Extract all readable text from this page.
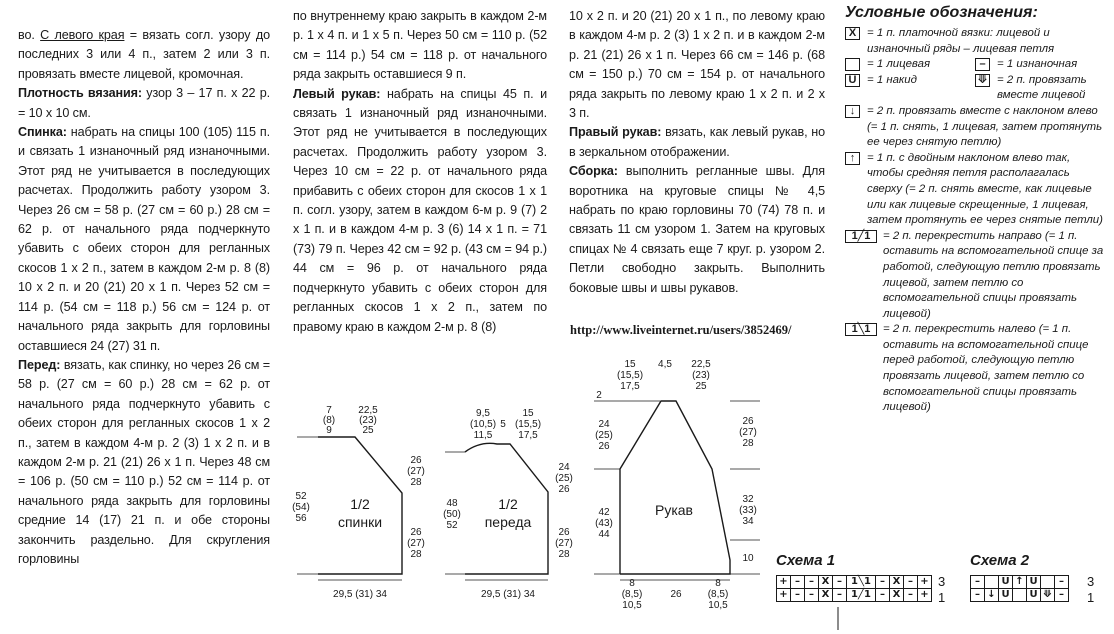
во. С левого края = вязать согл. узору до последних 3 или 4 п., затем 2 или 3 п. провязать вместе лицевой, кромочная.

Плотность вязания: узор 3 – 17 п. х 22 р. = 10 х 10 см.

Спинка: набрать на спицы 100 (105) 115 п. и связать 1 изнаночный ряд изнаночными. Этот ряд не учитывается в последующих расчетах. Продолжить работу узором 3. Через 26 см = 58 р. (27 см = 60 р.) 28 см = 62 р. от начального ряда подчеркнуто убавить с обеих сторон для регланных скосов 1 х 2 п., затем в каждом 2-м р. 8 (8) 10 х 2 п. и 20 (21) 20 х 1 п. Через 52 см = 114 р. (54 см = 118 р.) 56 см = 124 р. от начального ряда закрыть для горловины оставшиеся 24 (27) 31 п.

Перед: вязать, как спинку, но через 26 см = 58 р. (27 см = 60 р.) 28 см = 62 р. от начального ряда подчеркнуто убавить с обеих сторон для регланных скосов 1 х 2 п., затем в каждом 4-м р. 2 (3) 1 х 2 п. и в каждом 2-м р. 21 (21) 26 х 1 п. Через 48 см = 106 р. (50 см = 110 р.) 52 см = 114 р. от начального ряда закрыть для горловины средние 14 (17) 21 п. и обе стороны закончить раздельно. Для скругления горловины

по внутреннему краю закрыть в каждом 2-м р. 1 х 4 п. и 1 х 5 п. Через 50 см = 110 р. (52 см = 114 р.) 54 см = 118 р. от начального ряда закрыть оставшиеся 9 п.

Левый рукав: набрать на спицы 45 п. и связать 1 изнаночный ряд изнаночными. Этот ряд не учитывается в последующих расчетах. Продолжить работу узором 3. Через 10 см = 22 р. от начального ряда прибавить с обеих сторон для скосов 1 х 1 п. согл. узору, затем в каждом 6-м р. 9 (7) 2 х 1 п. и в каждом 4-м р. 3 (6) 14 х 1 п. = 71 (73) 79 п. Через 42 см = 92 р. (43 см = 94 р.) 44 см = 96 р. от начального ряда подчеркнуто убавить с обеих сторон для регланных скосов 1 х 2 п., затем по правому краю в каждом 2-м р. 8 (8)

10 х 2 п. и 20 (21) 20 х 1 п., по левому краю в каждом 4-м р. 2 (3) 1 х 2 п. и в каждом 2-м р. 21 (21) 26 х 1 п. Через 66 см = 146 р. (68 см = 150 р.) 70 см = 154 р. от начального ряда закрыть по левому краю 1 х 2 п. и 2 х 3 п.

Правый рукав: вязать, как левый рукав, но в зеркальном отображении.

Сборка: выполнить регланные швы. Для воротника на круговые спицы № 4,5 набрать по краю горловины 70 (74) 78 п. и связать 11 см узором 1. Затем на круговых спицах № 4 связать еще 7 круг. р. узором 2. Петли свободно закрыть. Выполнить боковые швы и швы рукавов.

http://www.liveinternet.ru/users/3852469/
Условные обозначения:
X = 1 п. платочной вязки: лицевой и изнаночный ряды – лицевая петля
= 1 лицевая	–	= 1 изнаночная
U = 1 накид	⟱ = 2 п. провязать вместе лицевой
↓	= 2 п. провязать вместе с наклоном влево (= 1 п. снять, 1 лицевая, затем протянуть ее через снятую петлю)
↑	= 1 п. с двойным наклоном влево так, чтобы средняя петля располагалась сверху (= 2 п. снять вместе, как лицевые или как лицевые скрещенные, 1 лицевая, затем протянуть ее через снятые петли)
1╱1	= 2 п. перекрестить направо (= 1 п. оставить на вспомогательной спице за работой, следующую петлю провязать лицевой, затем петлю со вспомогательной спицы провязать лицевой)
1╲1	= 2 п. перекрестить налево (= 1 п. оставить на вспомогательной спице перед работой, следующую петлю провязать лицевой, затем петлю со вспомогательной спицы провязать лицевой)
1/2
спинки
7
(8)
9
22,5
(23)
25
52
(54)
56
26
(27)
28
26
(27)
28
29,5 (31) 34
1/2
переда
9,5
(10,5)
11,5
5
15
(15,5)
17,5
48
(50)
52
24
(25)
26
26
(27)
28
29,5 (31) 34
Рукав
15
(15,5)
17,5
4,5 22,5
(23)
25
2
24
(25)
26
42
(43)
44
26
(27)
28
32
(33)
34
10
8
(8,5)
10,5
26
8
(8,5)
10,5
Схема 1
+	–	–	X	–	1╲1	–	X	–	+
+	–	–	X	–	1╱1	–	X	–	+
3
1
Схема 2
–		U	↑	U		–
–	↓	U		U	⟱	–
3
1
